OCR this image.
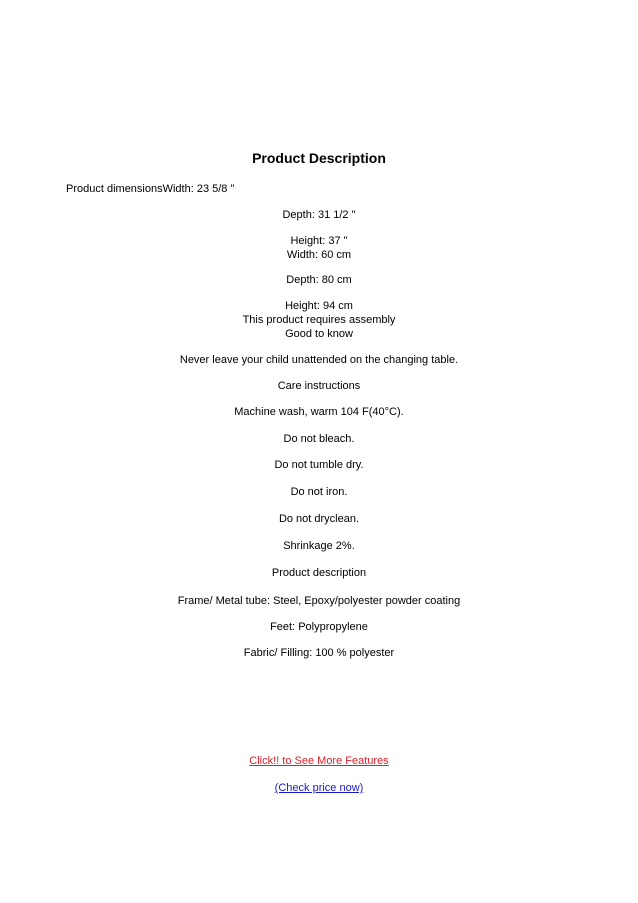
Product Description
Product dimensionsWidth: 23 5/8 "
Depth: 31 1/2 "
Height: 37 "
Width: 60 cm
Depth: 80 cm
Height: 94 cm
This product requires assembly
Good to know
Never leave your child unattended on the changing table.
Care instructions
Machine wash, warm 104 F(40°C).
Do not bleach.
Do not tumble dry.
Do not iron.
Do not dryclean.
Shrinkage 2%.
Product description
Frame/ Metal tube: Steel, Epoxy/polyester powder coating
Feet: Polypropylene
Fabric/ Filling: 100 % polyester
Click!! to See More Features
(Check price now)
